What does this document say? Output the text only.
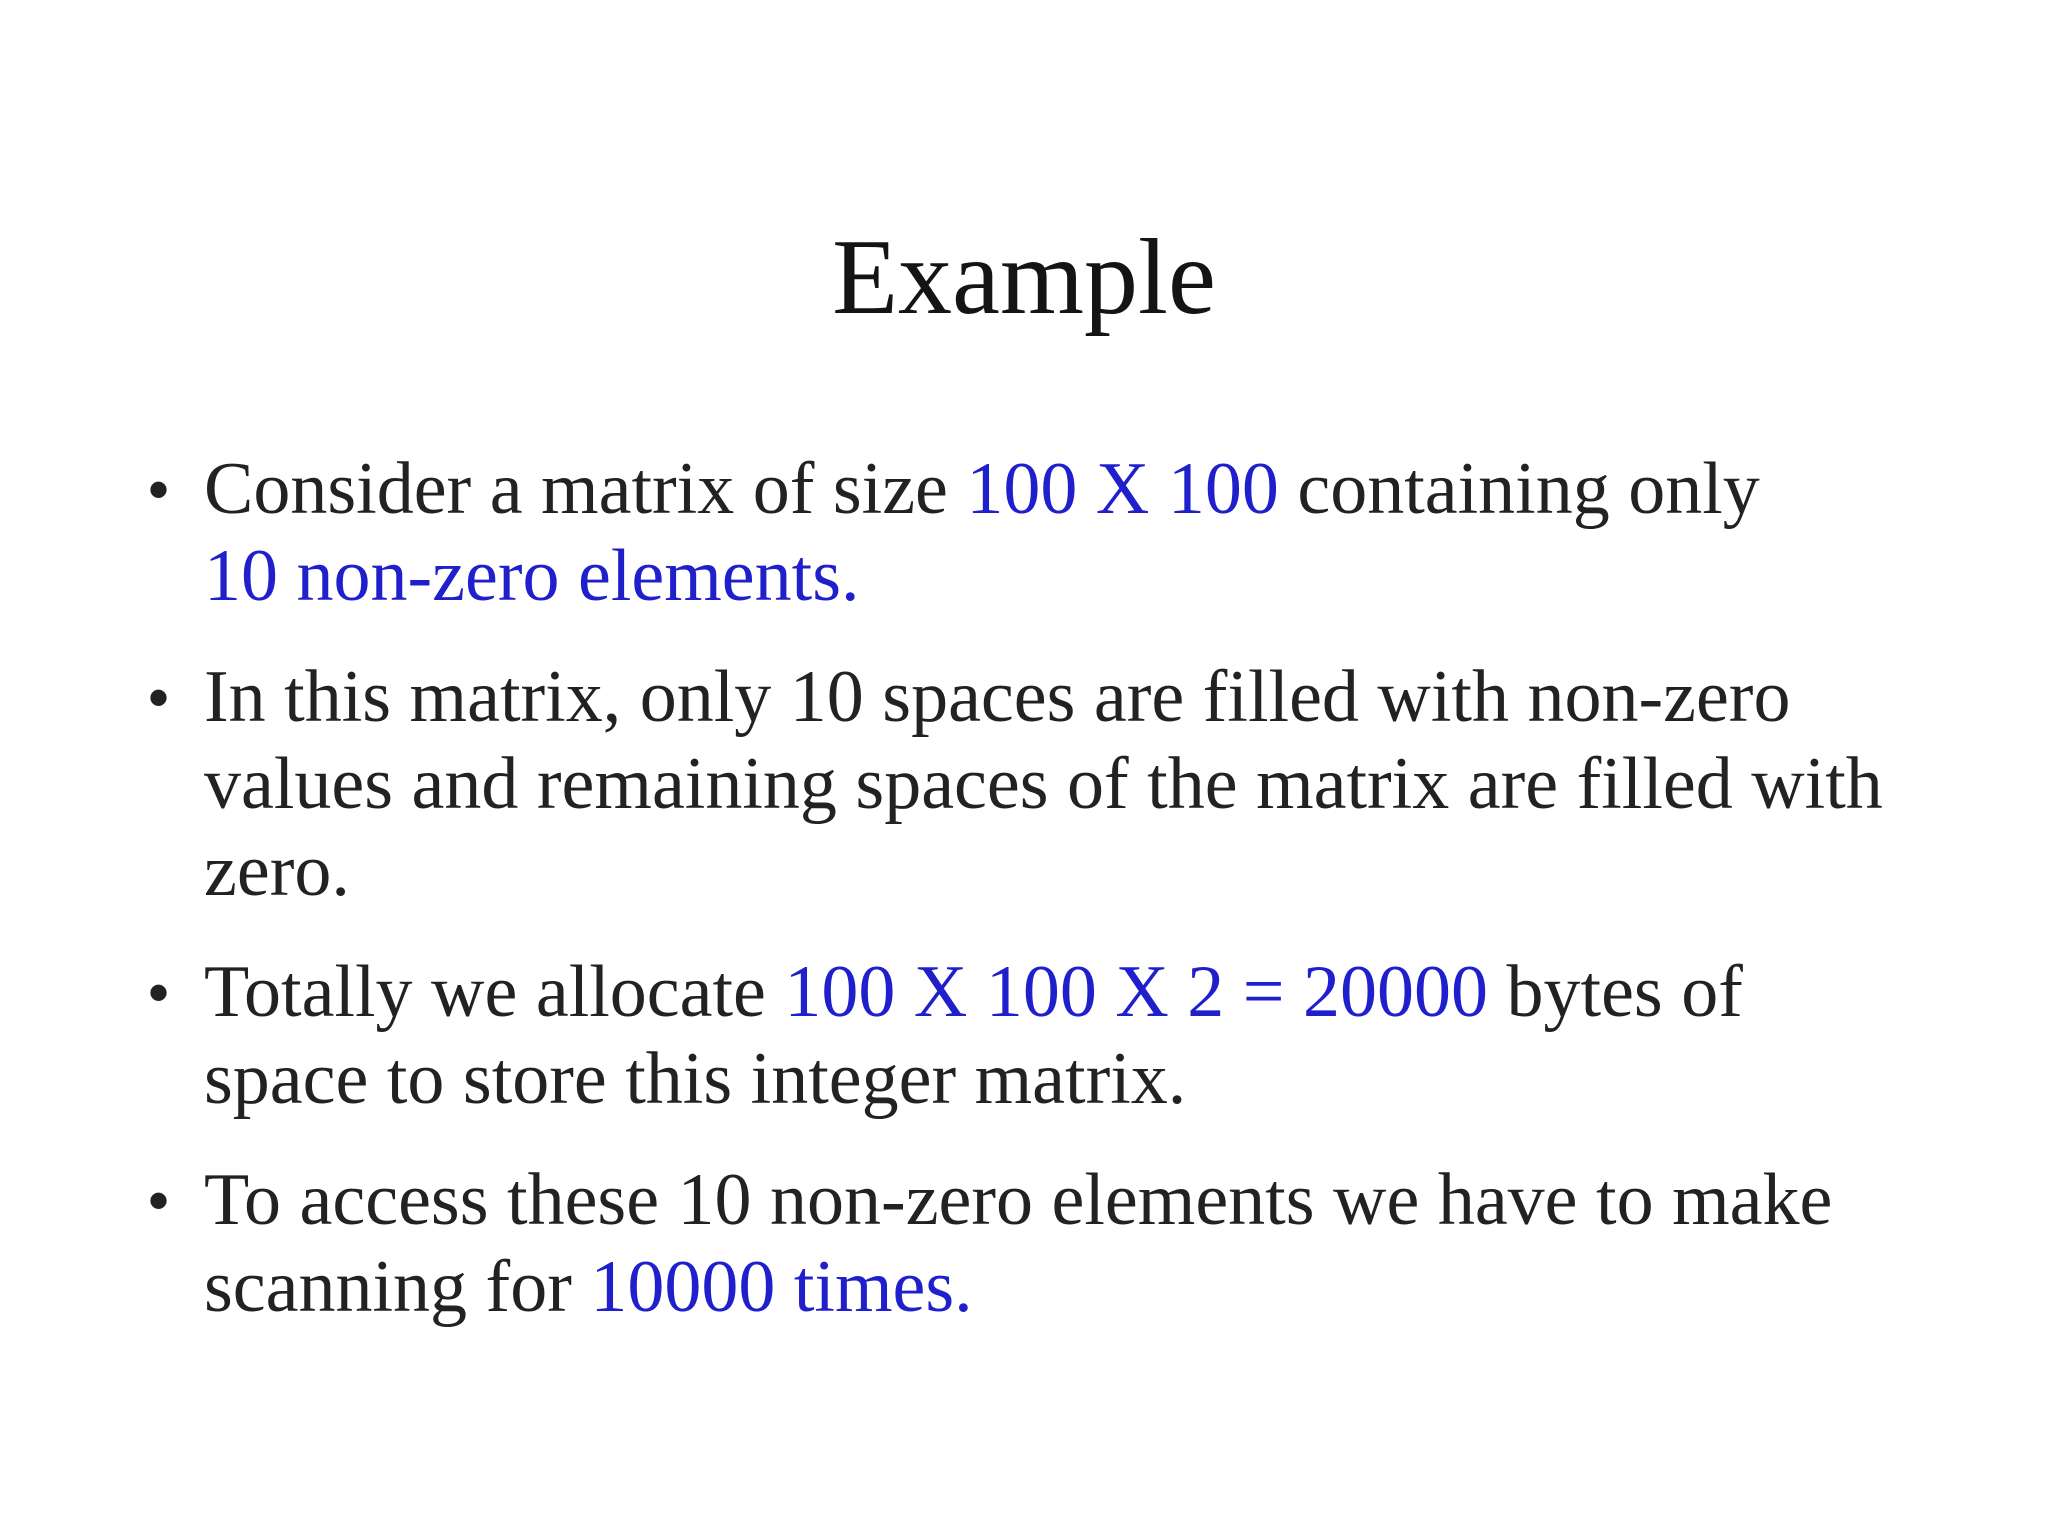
Example
• Consider a matrix of size 100 X 100 containing only
10 non-zero elements.
• In this matrix, only 10 spaces are filled with non-zero values and remaining spaces of the matrix are filled with zero.
• Totally we allocate 100 X 100 X 2 = 20000 bytes of space to store this integer matrix.
• To access these 10 non-zero elements we have to make scanning for 10000 times.
